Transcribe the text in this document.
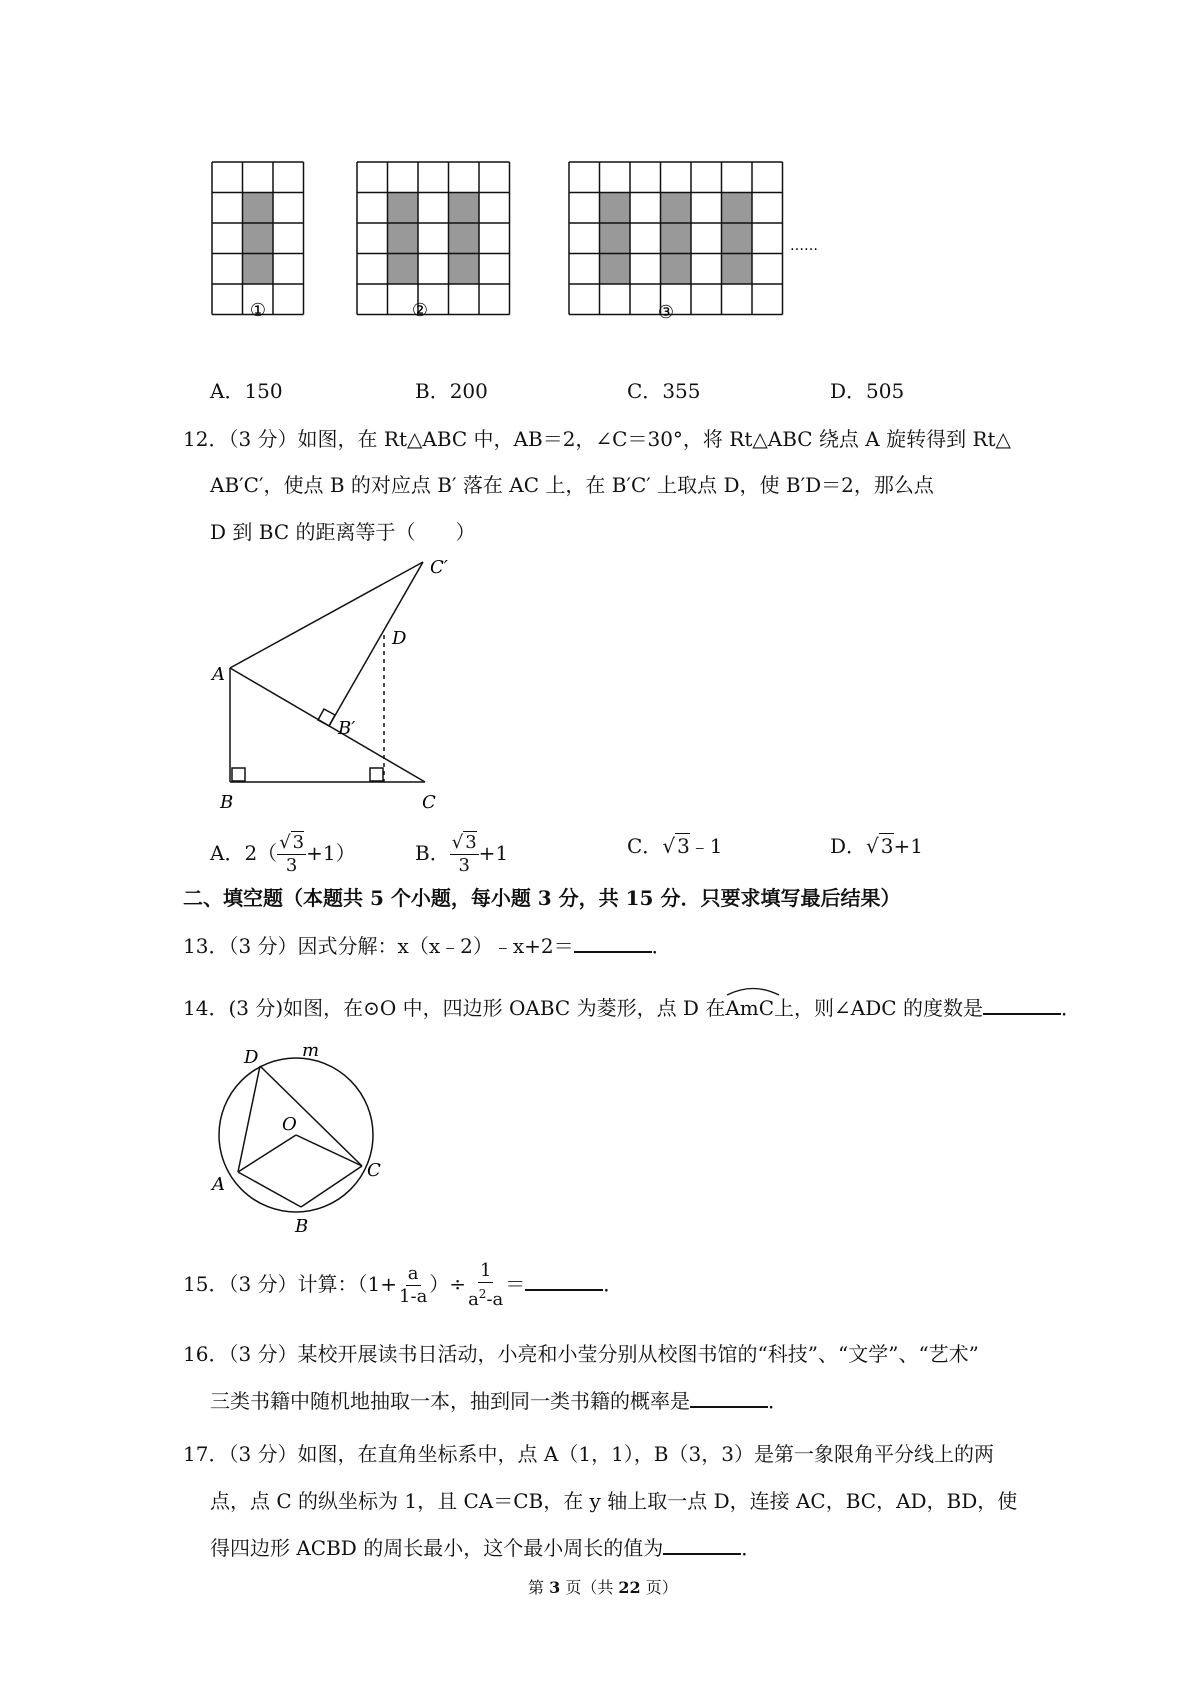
①	②	③
……
A．150	B．200	C．355	D．505
12．（3 分）如图，在 Rt△ABC 中，AB＝2，∠C＝30°，将 Rt△ABC 绕点 A 旋转得到 Rt△
AB′C′，使点 B 的对应点 B′ 落在 AC 上，在 B′C′ 上取点 D，使 B′D＝2，那么点
D 到 BC 的距离等于（　　）
A
B	C
B′
C′
D
A．$2( \frac{√ 3}{3} +1)$	B． $\frac{√ 3}{3} +1$	C．√ 3﹣1	D．√ 3+1
二、填空题（本题共 5 个小题，每小题 3 分，共 15 分．只要求填写最后结果）
13．（3 分）因式分解：x（x﹣2）﹣x+2＝	．
14．(3 分)如图，在⊙O 中，四边形 OABC 为菱形，点 D 在
AmC上，则∠ADC 的度数是	．
D m
O
A
B
C
15．（3 分）计算：（$1+ \frac{a}{1-a}$ ）÷ $\frac{1}{a^2-a}$ ＝	．
16．（3 分）某校开展读书日活动，小亮和小莹分别从校图书馆的“科技”、“文学”、“艺术”
三类书籍中随机地抽取一本，抽到同一类书籍的概率是	．
17．（3 分）如图，在直角坐标系中，点 A（1，1），B（3，3）是第一象限角平分线上的两
点，点 C 的纵坐标为 1，且 CA＝CB，在 y 轴上取一点 D，连接 AC，BC，AD，BD，使
得四边形 ACBD 的周长最小，这个最小周长的值为	．
第 3 页（共 22 页）
